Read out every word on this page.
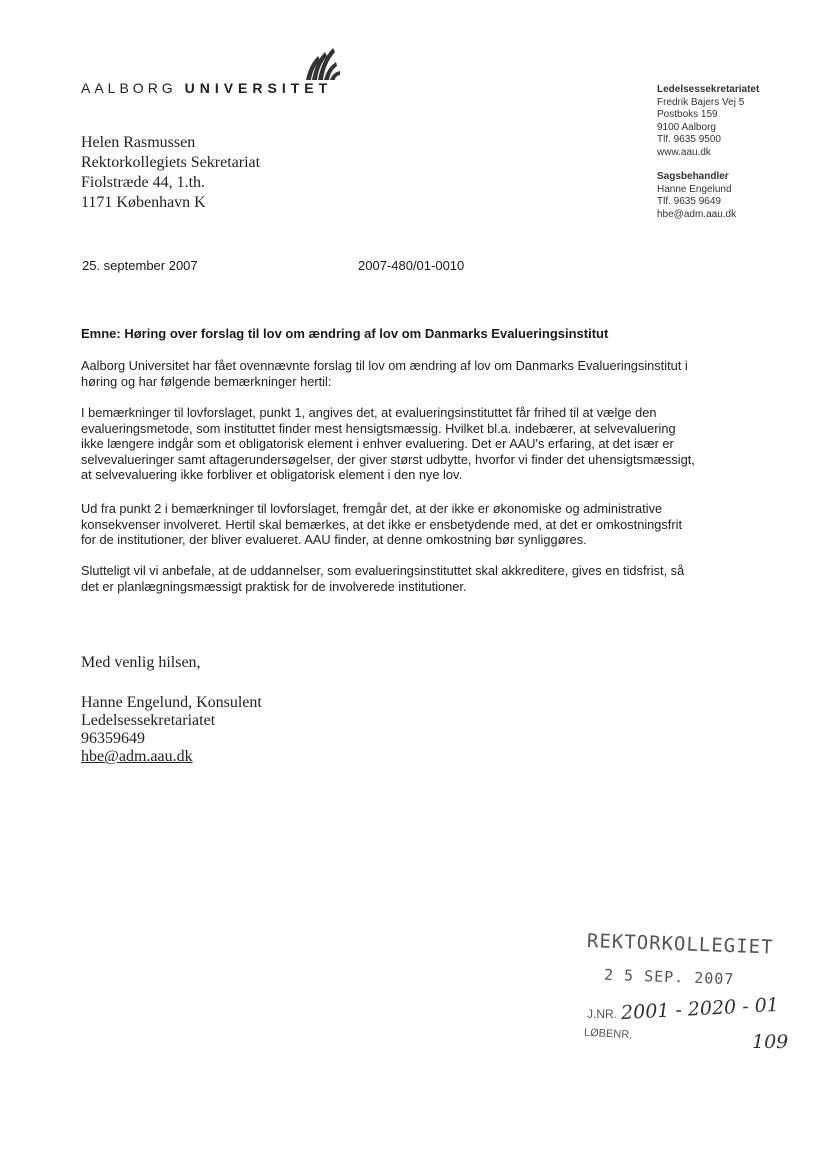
AALBORG UNIVERSITET	Ledelsessekretariatet
Fredrik Bajers Vej 5
Postboks 159
9100 Aalborg
Tlf. 9635 9500
www.aau.dk
Sagsbehandler
Hanne Engelund
Tlf. 9635 9649
hbe@adm.aau.dk
Helen Rasmussen
Rektorkollegiets Sekretariat
Fiolstræde 44, 1.th.
1171 København K
25. september 2007	2007-480/01-0010
Emne: Høring over forslag til lov om ændring af lov om Danmarks Evalueringsinstitut
Aalborg Universitet har fået ovennævnte forslag til lov om ændring af lov om Danmarks Evalueringsinstitut i
høring og har følgende bemærkninger hertil:
I bemærkninger til lovforslaget, punkt 1, angives det, at evalueringsinstituttet får frihed til at vælge den
evalueringsmetode, som instituttet finder mest hensigtsmæssig. Hvilket bl.a. indebærer, at selvevaluering
ikke længere indgår som et obligatorisk element i enhver evaluering. Det er AAU's erfaring, at det især er
selvevalueringer samt aftagerundersøgelser, der giver størst udbytte, hvorfor vi finder det uhensigtsmæssigt,
at selvevaluering ikke forbliver et obligatorisk element i den nye lov.
Ud fra punkt 2 i bemærkninger til lovforslaget, fremgår det, at der ikke er økonomiske og administrative
konsekvenser involveret. Hertil skal bemærkes, at det ikke er ensbetydende med, at det er omkostningsfrit
for de institutioner, der bliver evalueret. AAU finder, at denne omkostning bør synliggøres.
Slutteligt vil vi anbefale, at de uddannelser, som evalueringsinstituttet skal akkreditere, gives en tidsfrist, så
det er planlægningsmæssigt praktisk for de involverede institutioner.
Med venlig hilsen,
Hanne Engelund, Konsulent
Ledelsessekretariatet
96359649
hbe@adm.aau.dk
REKTORKOLLEGIET
2 5 SEP. 2007
J.NR. 2001 - 2020 - 01
LØBENR.	109
